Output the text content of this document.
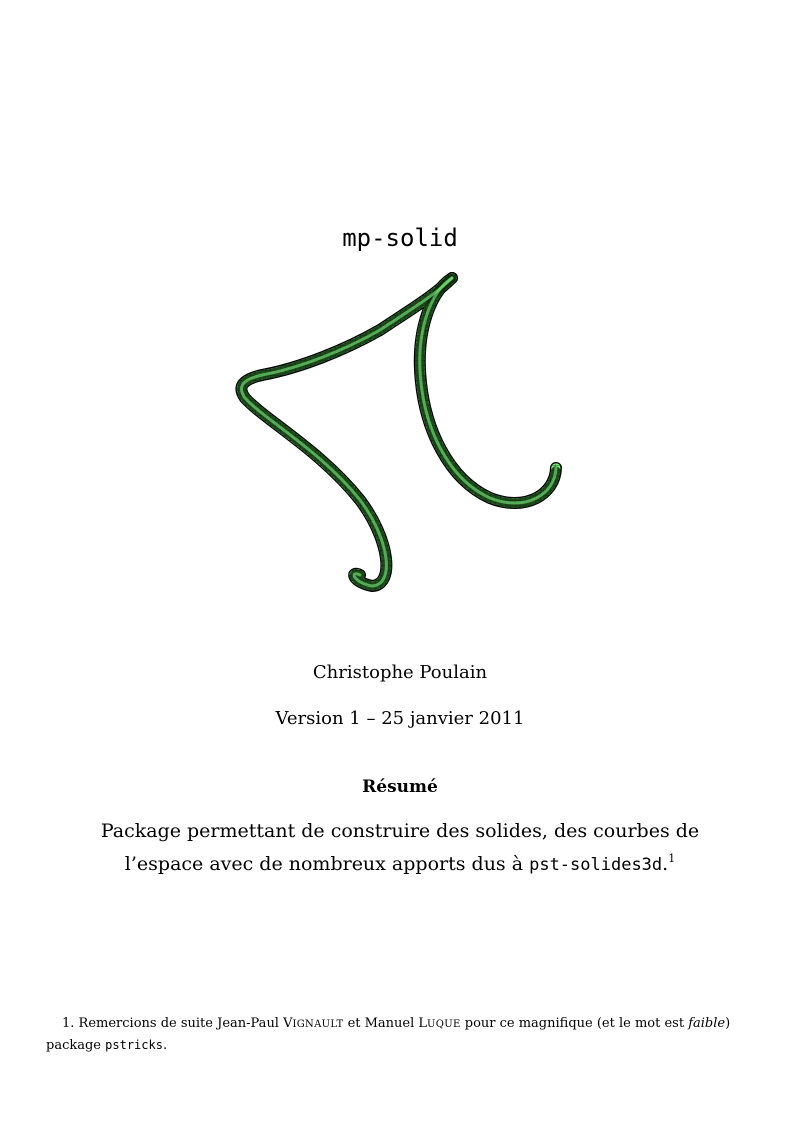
mp-solid
Christophe Poulain
Version 1 – 25 janvier 2011
Résumé
Package permettant de construire des solides, des courbes de l’espace avec de nombreux apports dus à pst-solides3d.$^1$
1. Remercions de suite Jean-Paul VIGNAULT et Manuel LUQUE pour ce magnifique (et le mot est faible) package pstricks.
